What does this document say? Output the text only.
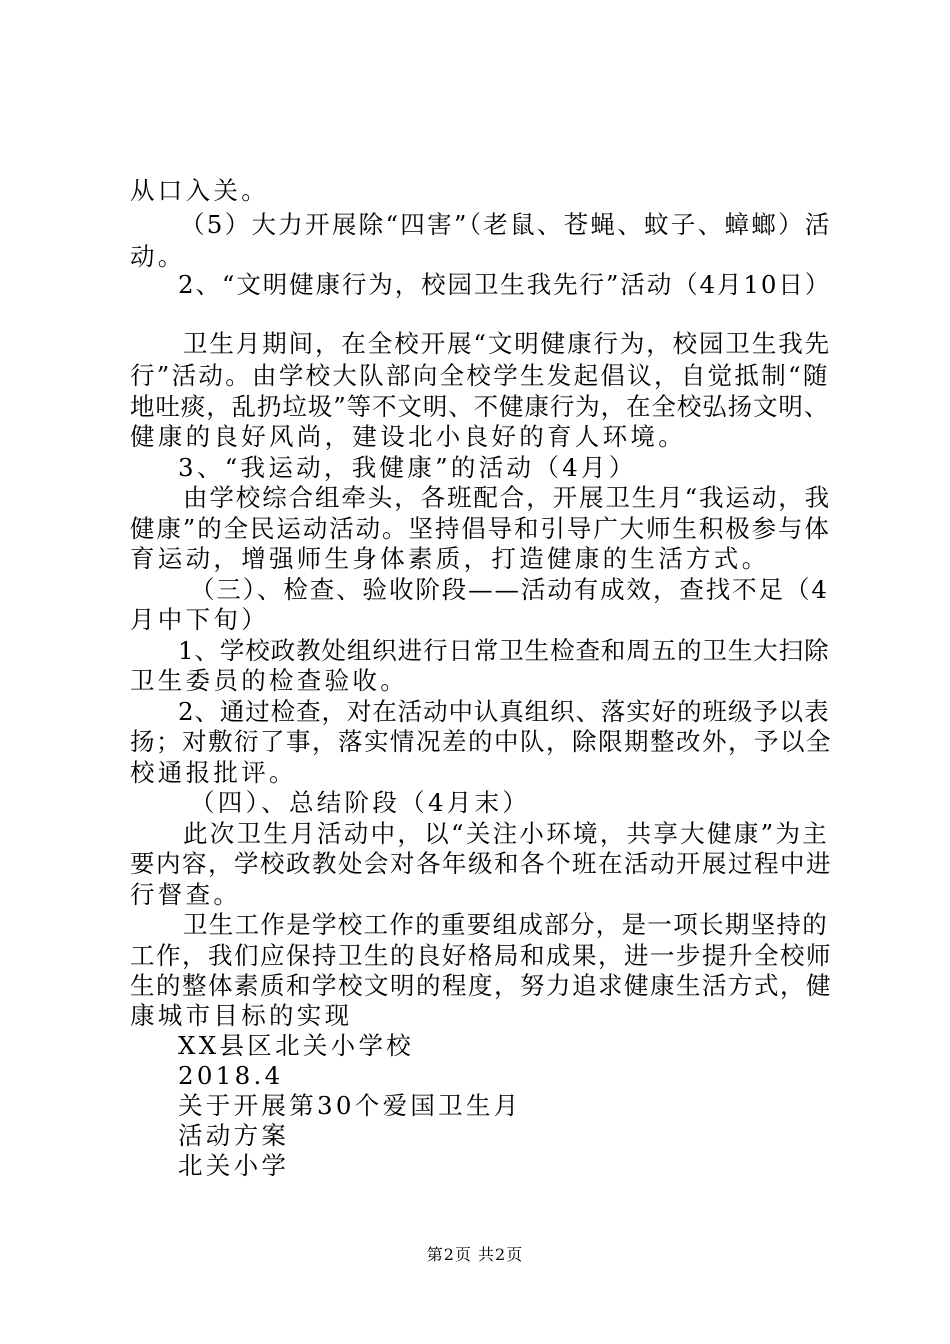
从口入关。
（5）大力开展除“四害”（老鼠、苍蝇、蚊子、蟑螂）活
动。
2、“文明健康行为，校园卫生我先行”活动（4月10日）
卫生月期间，在全校开展“文明健康行为，校园卫生我先
行”活动。由学校大队部向全校学生发起倡议，自觉抵制“随
地吐痰，乱扔垃圾”等不文明、不健康行为，在全校弘扬文明、
健康的良好风尚，建设北小良好的育人环境。
3、“我运动，我健康”的活动（4月）
由学校综合组牵头，各班配合，开展卫生月“我运动，我
健康”的全民运动活动。坚持倡导和引导广大师生积极参与体
育运动，增强师生身体素质，打造健康的生活方式。
（三）、检查、验收阶段——活动有成效，查找不足（4
月中下旬）
1、学校政教处组织进行日常卫生检查和周五的卫生大扫除
卫生委员的检查验收。
2、通过检查，对在活动中认真组织、落实好的班级予以表
扬；对敷衍了事，落实情况差的中队，除限期整改外，予以全
校通报批评。
（四）、总结阶段（4月末）
此次卫生月活动中，以“关注小环境，共享大健康”为主
要内容，学校政教处会对各年级和各个班在活动开展过程中进
行督查。
卫生工作是学校工作的重要组成部分，是一项长期坚持的
工作，我们应保持卫生的良好格局和成果，进一步提升全校师
生的整体素质和学校文明的程度，努力追求健康生活方式，健
康城市目标的实现
XX县区北关小学校
2018.4
关于开展第30个爱国卫生月
活动方案
北关小学
第2页 共2页
